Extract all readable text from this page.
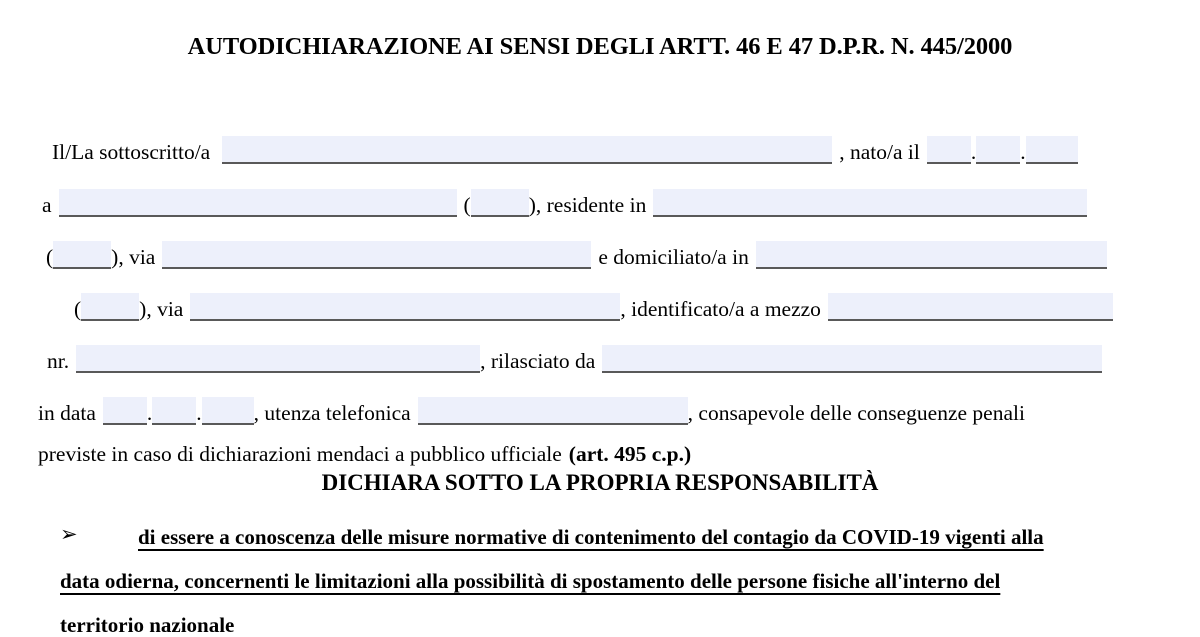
AUTODICHIARAZIONE AI SENSI DEGLI ARTT. 46 E 47 D.P.R. N. 445/2000
Il/La sottoscritto/a	, nato/a il . .
a	(	), residente in
(	), via	e domiciliato/a in
(	), via	, identificato/a a mezzo
nr.	, rilasciato da
in data . . , utenza telefonica	, consapevole delle conseguenze penali
previste in caso di dichiarazioni mendaci a pubblico ufficiale (art. 495 c.p.)
DICHIARA SOTTO LA PROPRIA RESPONSABILITÀ
➢	di essere a conoscenza delle misure normative di contenimento del contagio da COVID-19 vigenti alla
data odierna, concernenti le limitazioni alla possibilità di spostamento delle persone fisiche all'interno del
territorio nazionale
